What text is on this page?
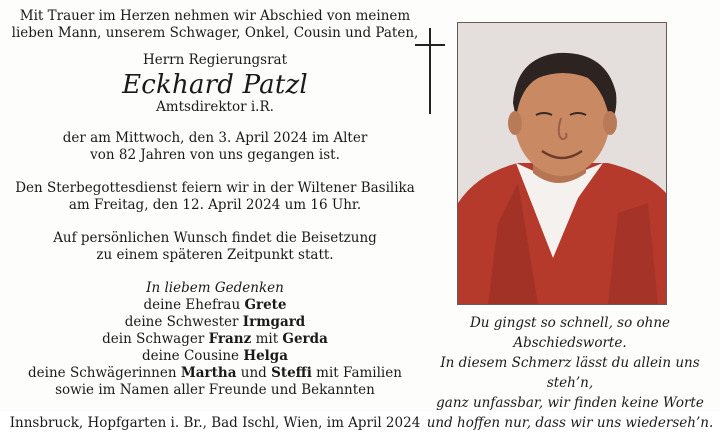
Mit Trauer im Herzen nehmen wir Abschied von meinem
lieben Mann, unserem Schwager, Onkel, Cousin und Paten,
Herrn Regierungsrat
Eckhard Patzl
Amtsdirektor i.R.
der am Mittwoch, den 3. April 2024 im Alter
von 82 Jahren von uns gegangen ist.
Den Sterbegottesdienst feiern wir in der Wiltener Basilika
am Freitag, den 12. April 2024 um 16 Uhr.
Auf persönlichen Wunsch findet die Beisetzung
zu einem späteren Zeitpunkt statt.
In liebem Gedenken
deine Ehefrau Grete
deine Schwester Irmgard
dein Schwager Franz mit Gerda
deine Cousine Helga
deine Schwägerinnen Martha und Steffi mit Familien
sowie im Namen aller Freunde und Bekannten
Innsbruck, Hopfgarten i. Br., Bad Ischl, Wien, im April 2024
Du gingst so schnell, so ohne Abschiedsworte.
In diesem Schmerz lässt du allein uns steh’n,
ganz unfassbar, wir finden keine Worte
und hoffen nur, dass wir uns wiederseh’n.
